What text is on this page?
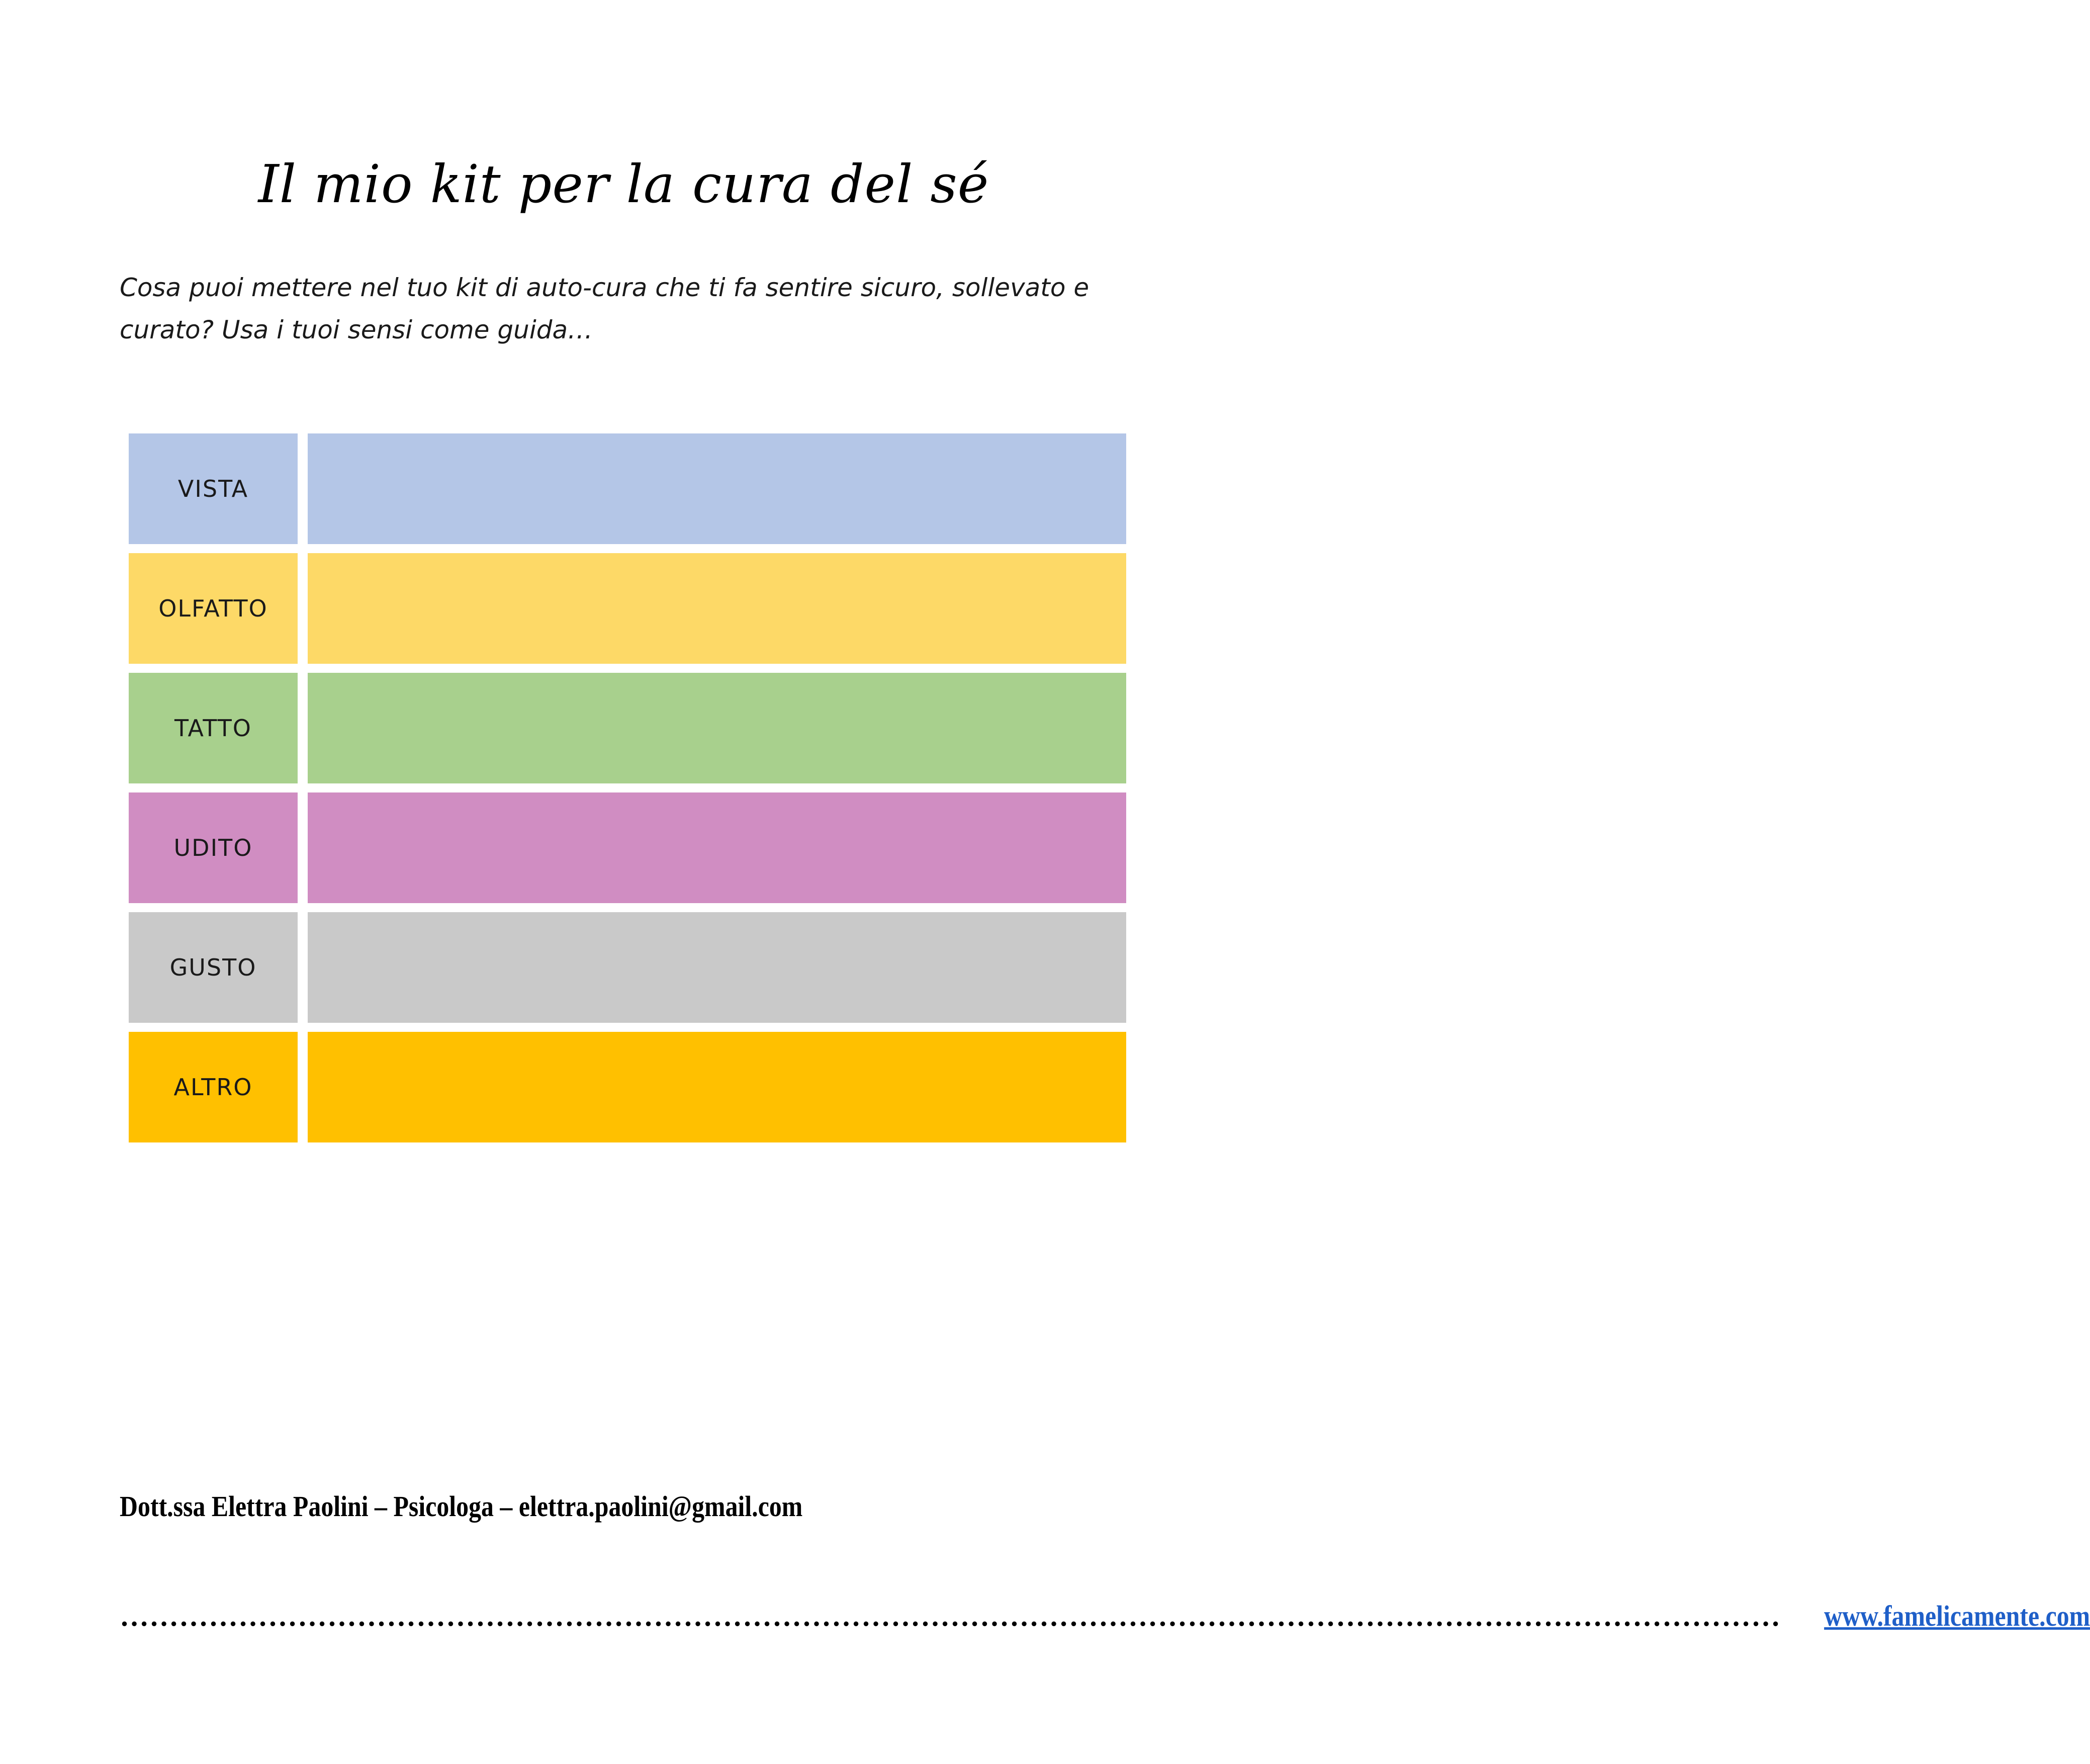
Il mio kit per la cura del sé
Cosa puoi mettere nel tuo kit di auto-cura che ti fa sentire sicuro, sollevato e curato? Usa i tuoi sensi come guida…
VISTA
OLFATTO
TATTO
UDITO
GUSTO
ALTRO
Dott.ssa Elettra Paolini – Psicologa – elettra.paolini@gmail.com
…………………………………………………………………………………………………………………………………………………… www.famelicamente.com
